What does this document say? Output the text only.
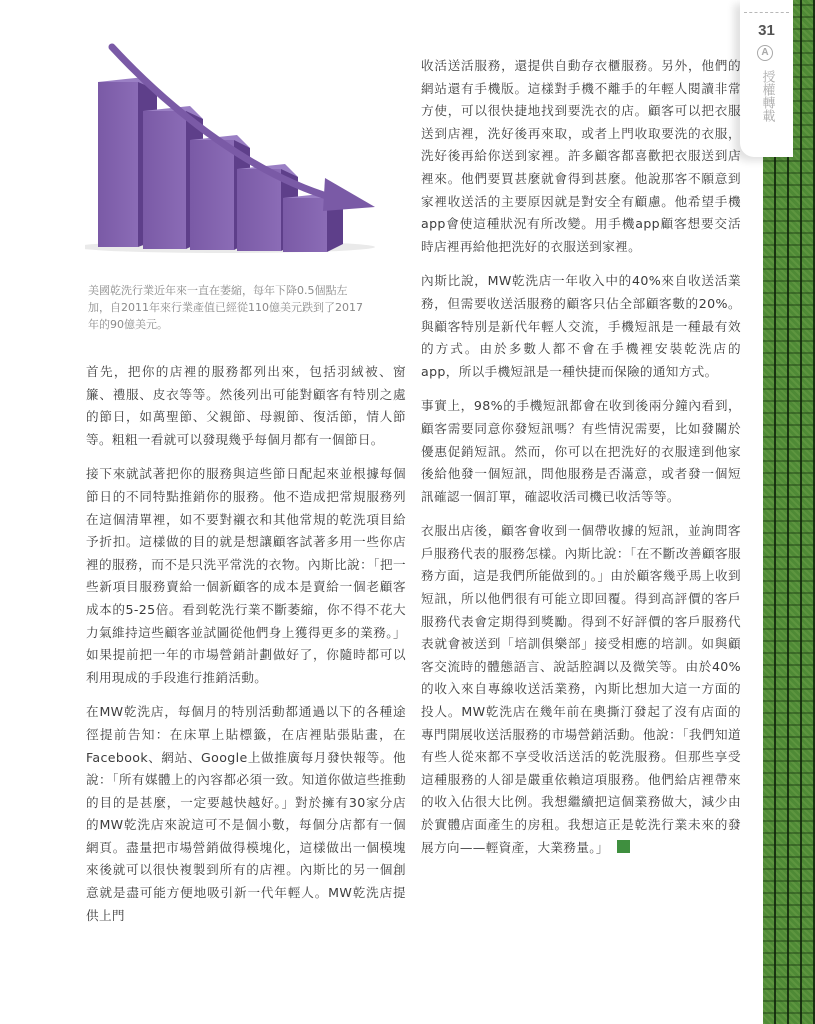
31
A
授權轉載
美國乾洗行業近年來一直在萎縮，每年下降0.5個點左加，自2011年來行業產值已經從110億美元跌到了2017年的90億美元。

首先，把你的店裡的服務都列出來，包括羽絨被、窗簾、禮服、皮衣等等。然後列出可能對顧客有特別之處的節日，如萬聖節、父親節、母親節、復活節，情人節等。粗粗一看就可以發現幾乎每個月都有一個節日。

接下來就試著把你的服務與這些節日配起來並根據每個節日的不同特點推銷你的服務。他不造成把常規服務列在這個清單裡，如不要對襯衣和其他常規的乾洗項目給予折扣。這樣做的目的就是想讓顧客試著多用一些你店裡的服務，而不是只洗平常洗的衣物。內斯比說：「把一些新項目服務賣給一個新顧客的成本是賣給一個老顧客成本的5-25倍。看到乾洗行業不斷萎縮，你不得不花大力氣維持這些顧客並試圖從他們身上獲得更多的業務。」如果提前把一年的市場營銷計劃做好了，你隨時都可以利用現成的手段進行推銷活動。

在MW乾洗店，每個月的特別活動都通過以下的各種途徑提前告知：在床單上貼標籤，在店裡貼張貼畫，在Facebook、網站、Google上做推廣每月發快報等。他說：「所有媒體上的內容都必須一致。知道你做這些推動的目的是甚麼，一定要越快越好。」對於擁有30家分店的MW乾洗店來說這可不是個小數，每個分店都有一個網頁。盡量把市場營銷做得模塊化，這樣做出一個模塊來後就可以很快複製到所有的店裡。內斯比的另一個創意就是盡可能方便地吸引新一代年輕人。MW乾洗店提供上門

收活送活服務，還提供自動存衣櫃服務。另外，他們的網站還有手機版。這樣對手機不離手的年輕人閱讀非常方使，可以很快捷地找到要洗衣的店。顧客可以把衣服送到店裡，洗好後再來取，或者上門收取要洗的衣服，洗好後再給你送到家裡。許多顧客都喜歡把衣服送到店裡來。他們要買甚麼就會得到甚麼。他說那客不願意到家裡收送活的主要原因就是對安全有顧慮。他希望手機app會使這種狀況有所改變。用手機app顧客想要交活時店裡再給他把洗好的衣服送到家裡。

內斯比說，MW乾洗店一年收入中的40%來自收送活業務，但需要收送活服務的顧客只佔全部顧客數的20%。與顧客特別是新代年輕人交流，手機短訊是一種最有效的方式。由於多數人都不會在手機裡安裝乾洗店的app，所以手機短訊是一種快捷而保險的通知方式。

事實上，98%的手機短訊都會在收到後兩分鐘內看到，顧客需要同意你發短訊嗎？有些情況需要，比如發關於優惠促銷短訊。然而，你可以在把洗好的衣服達到他家後給他發一個短訊，問他服務是否滿意，或者發一個短訊確認一個訂單，確認收活司機已收活等等。

衣服出店後，顧客會收到一個帶收據的短訊，並詢問客戶服務代表的服務怎樣。內斯比說：「在不斷改善顧客服務方面，這是我們所能做到的。」由於顧客幾乎馬上收到短訊，所以他們很有可能立即回覆。得到高評價的客戶服務代表會定期得到獎勵。得到不好評價的客戶服務代表就會被送到「培訓俱樂部」接受相應的培訓。如與顧客交流時的體態語言、說話腔調以及微笑等。由於40%的收入來自專線收送活業務，內斯比想加大這一方面的投人。MW乾洗店在幾年前在奧撕汀發起了沒有店面的專門開展收送活服務的市場營銷活動。他說：「我們知道有些人從來都不享受收活送活的乾洗服務。但那些享受這種服務的人卻是嚴重依賴這項服務。他們給店裡帶來的收入佔很大比例。我想繼續把這個業務做大，減少由於實體店面產生的房租。我想這正是乾洗行業未來的發展方向——輕資產，大業務量。」
